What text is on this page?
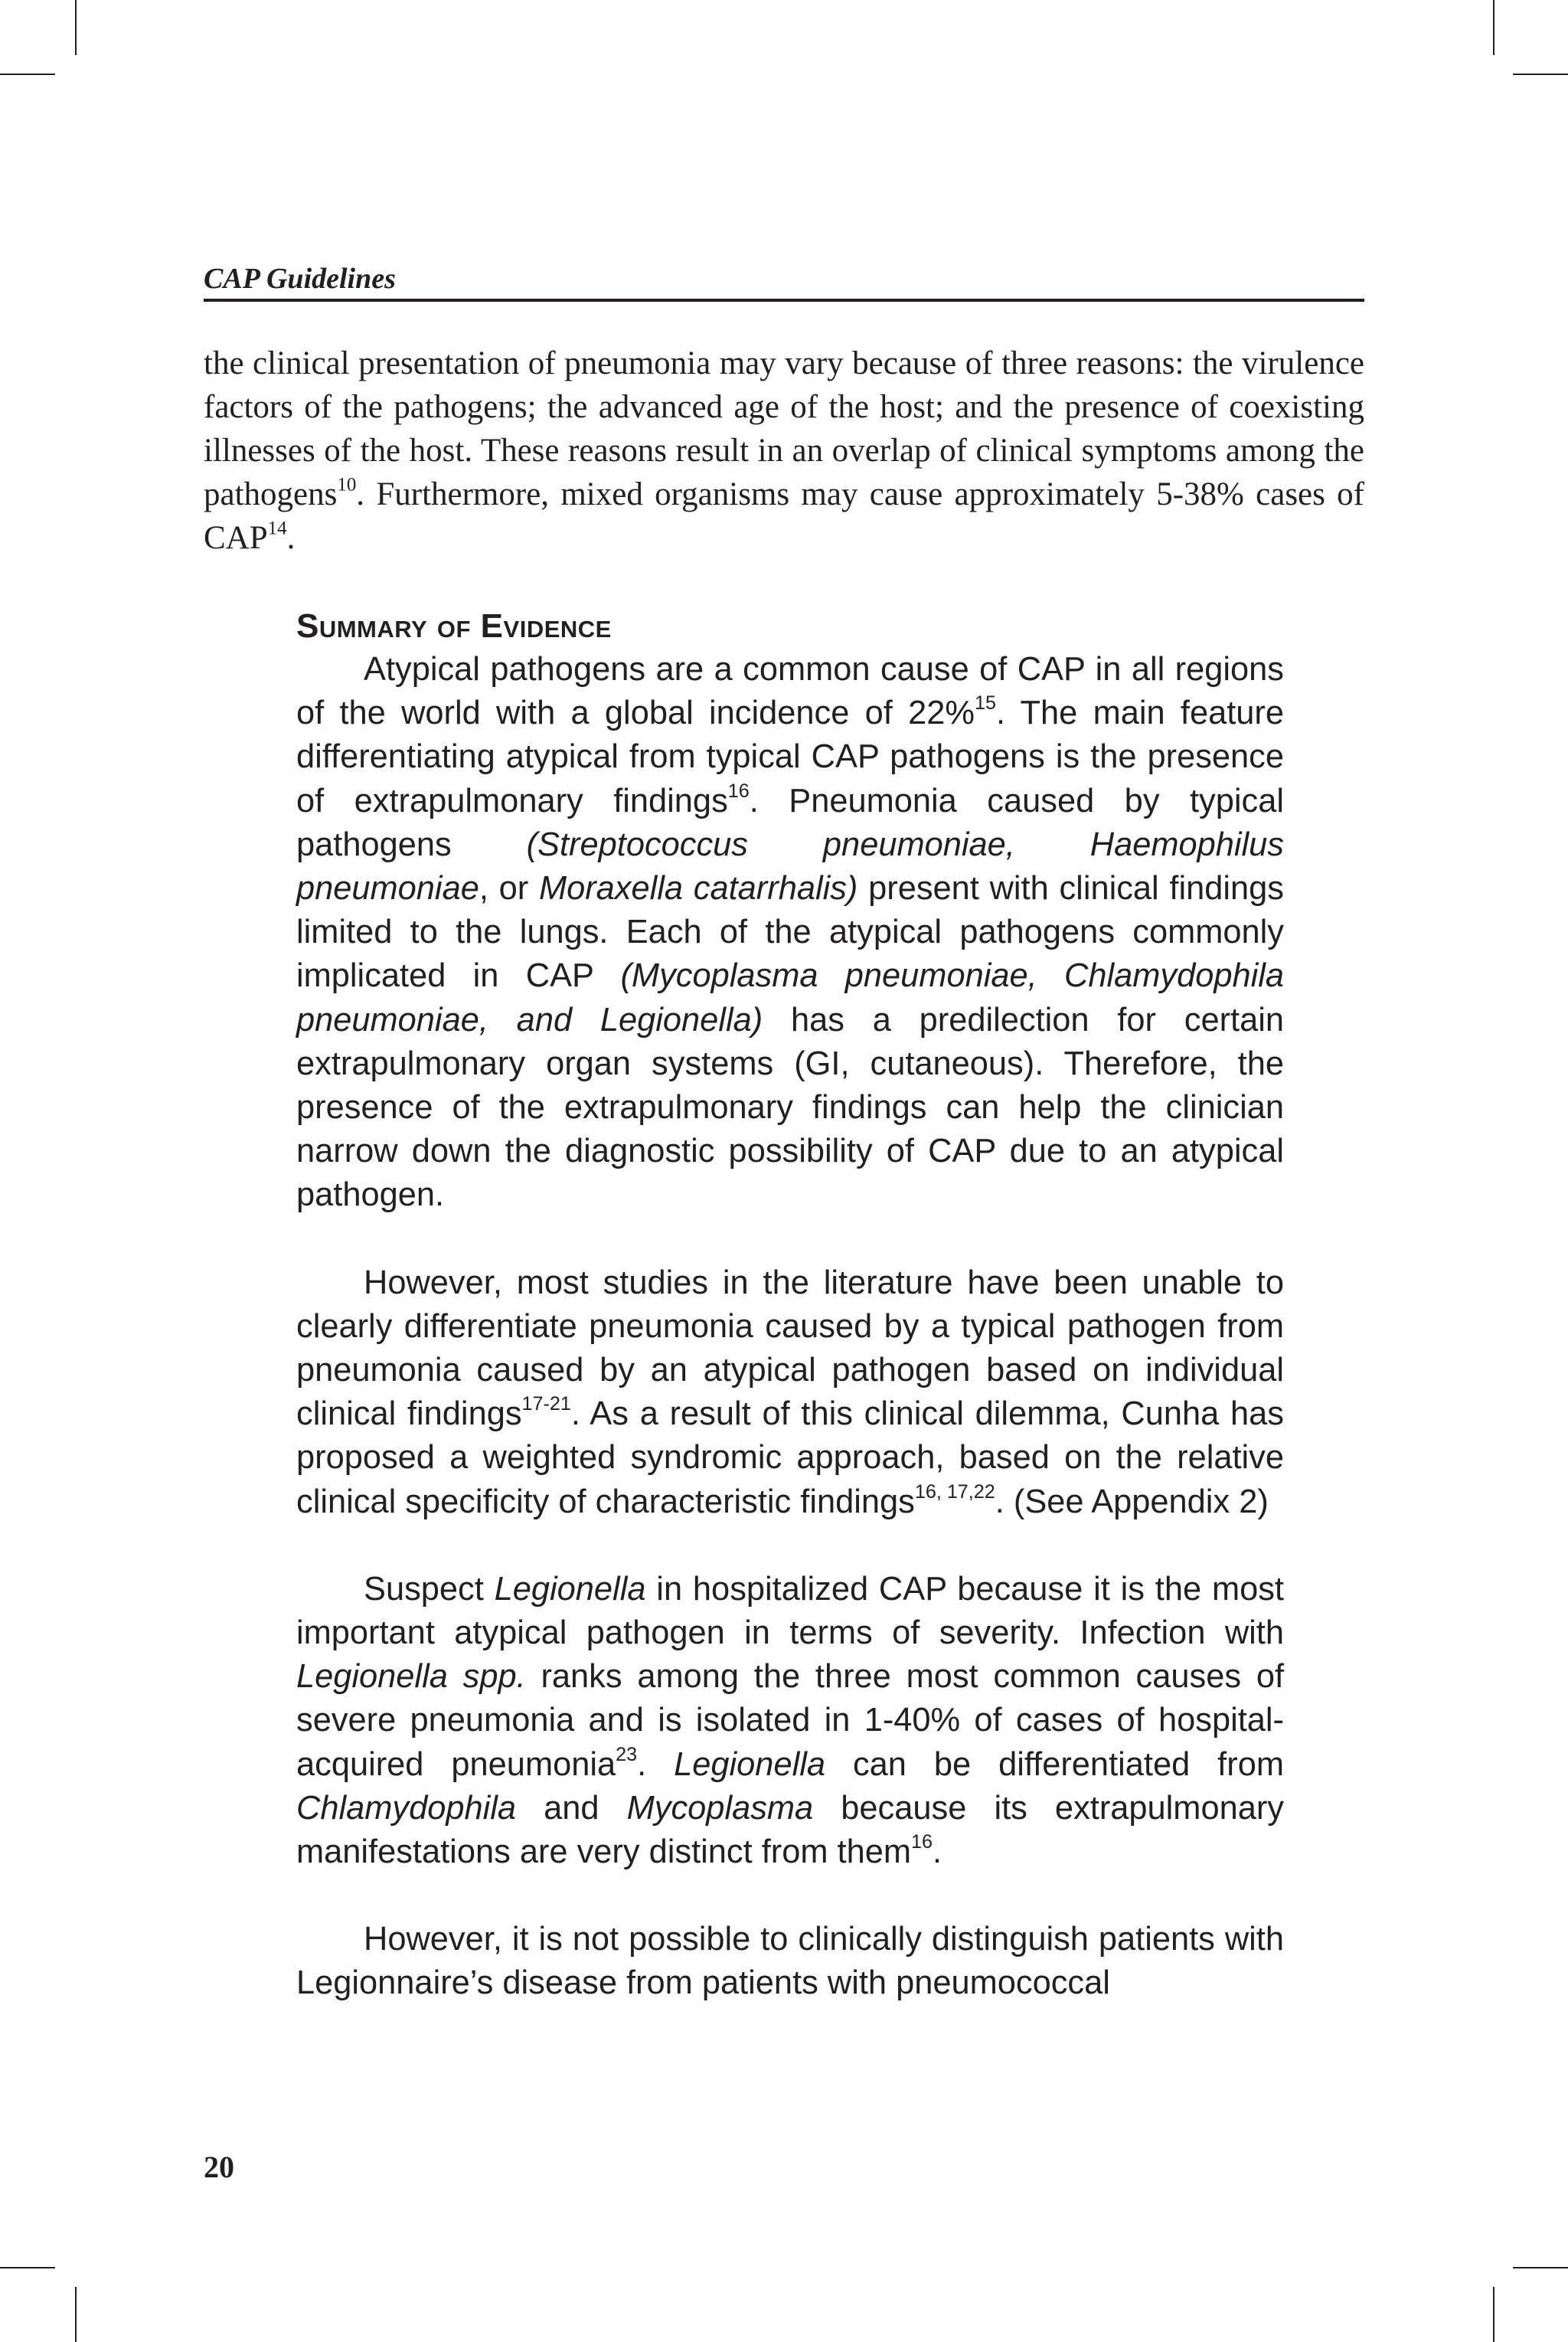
CAP Guidelines

the clinical presentation of pneumonia may vary because of three reasons: the virulence factors of the pathogens; the advanced age of the host; and the presence of coexisting illnesses of the host. These reasons result in an overlap of clinical symptoms among the pathogens$^{10}$. Furthermore, mixed organisms may cause approximately 5-38% cases of CAP$^{14}$.

Summary of Evidence

Atypical pathogens are a common cause of CAP in all regions of the world with a global incidence of 22%$^{15}$. The main feature differentiating atypical from typical CAP pathogens is the presence of extrapulmonary findings$^{16}$. Pneumonia caused by typical pathogens (Streptococcus pneumoniae, Haemophilus pneumoniae, or Moraxella catarrhalis) present with clinical findings limited to the lungs. Each of the atypical pathogens commonly implicated in CAP (Mycoplasma pneumoniae, Chlamydophila pneumoniae, and Legionella) has a predilection for certain extrapulmonary organ systems (GI, cutaneous). Therefore, the presence of the extrapulmonary findings can help the clinician narrow down the diagnostic possibility of CAP due to an atypical pathogen.

However, most studies in the literature have been unable to clearly differentiate pneumonia caused by a typical pathogen from pneumonia caused by an atypical pathogen based on individual clinical findings$^{17-21}$. As a result of this clinical dilemma, Cunha has proposed a weighted syndromic approach, based on the relative clinical specificity of characteristic findings$^{16, 17,22}$. (See Appendix 2)

Suspect Legionella in hospitalized CAP because it is the most important atypical pathogen in terms of severity. Infection with Legionella spp. ranks among the three most common causes of severe pneumonia and is isolated in 1-40% of cases of hospital-acquired pneumonia$^{23}$. Legionella can be differentiated from Chlamydophila and Mycoplasma because its extrapulmonary manifestations are very distinct from them$^{16}$.

However, it is not possible to clinically distinguish patients with Legionnaire’s disease from patients with pneumococcal

20
